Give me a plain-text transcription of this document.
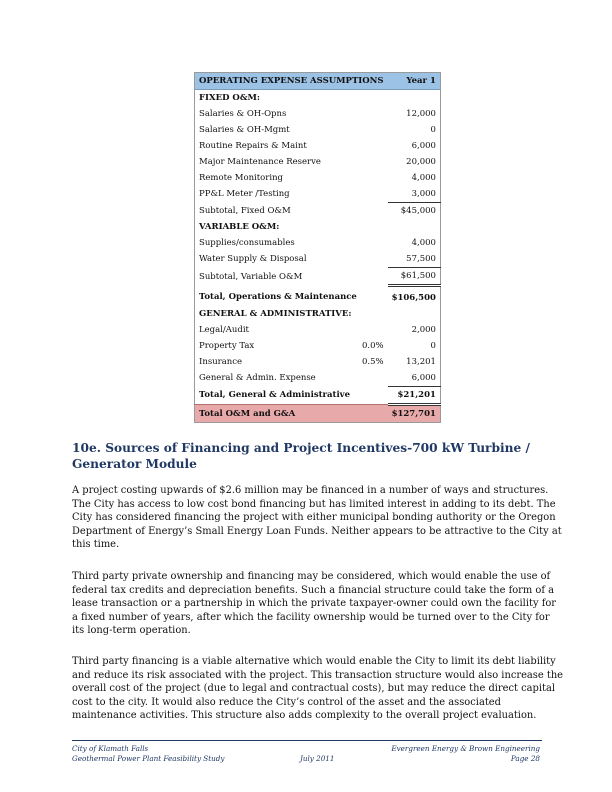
OPERATING EXPENSE ASSUMPTIONS		Year 1
FIXED O&M:		
Salaries & OH-Opns		12,000
Salaries & OH-Mgmt		0
Routine Repairs & Maint		6,000
Major Maintenance Reserve		20,000
Remote Monitoring		4,000
PP&L Meter /Testing		3,000
Subtotal, Fixed O&M		$45,000
VARIABLE O&M:		
Supplies/consumables		4,000
Water Supply & Disposal		57,500
Subtotal, Variable O&M		$61,500
Total, Operations & Maintenance		$106,500
GENERAL & ADMINISTRATIVE:		
Legal/Audit		2,000
Property Tax	0.0%	0
Insurance	0.5%	13,201
General & Admin. Expense		6,000
Total, General & Administrative		$21,201
Total O&M and G&A		$127,701
10e. Sources of Financing and Project Incentives-700 kW Turbine / Generator Module

A project costing upwards of $2.6 million may be financed in a number of ways and structures. The City has access to low cost bond financing but has limited interest in adding to its debt. The City has considered financing the project with either municipal bonding authority or the Oregon Department of Energy’s Small Energy Loan Funds. Neither appears to be attractive to the City at this time.

Third party private ownership and financing may be considered, which would enable the use of federal tax credits and depreciation benefits. Such a financial structure could take the form of a lease transaction or a partnership in which the private taxpayer-owner could own the facility for a fixed number of years, after which the facility ownership would be turned over to the City for its long-term operation.

Third party financing is a viable alternative which would enable the City to limit its debt liability and reduce its risk associated with the project. This transaction structure would also increase the overall cost of the project (due to legal and contractual costs), but may reduce the direct capital cost to the city. It would also reduce the City’s control of the asset and the associated maintenance activities. This structure also adds complexity to the overall project evaluation.

City of Klamath Falls
Geothermal Power Plant Feasibility Study	July 2011
Evergreen Energy & Brown Engineering
Page 28
